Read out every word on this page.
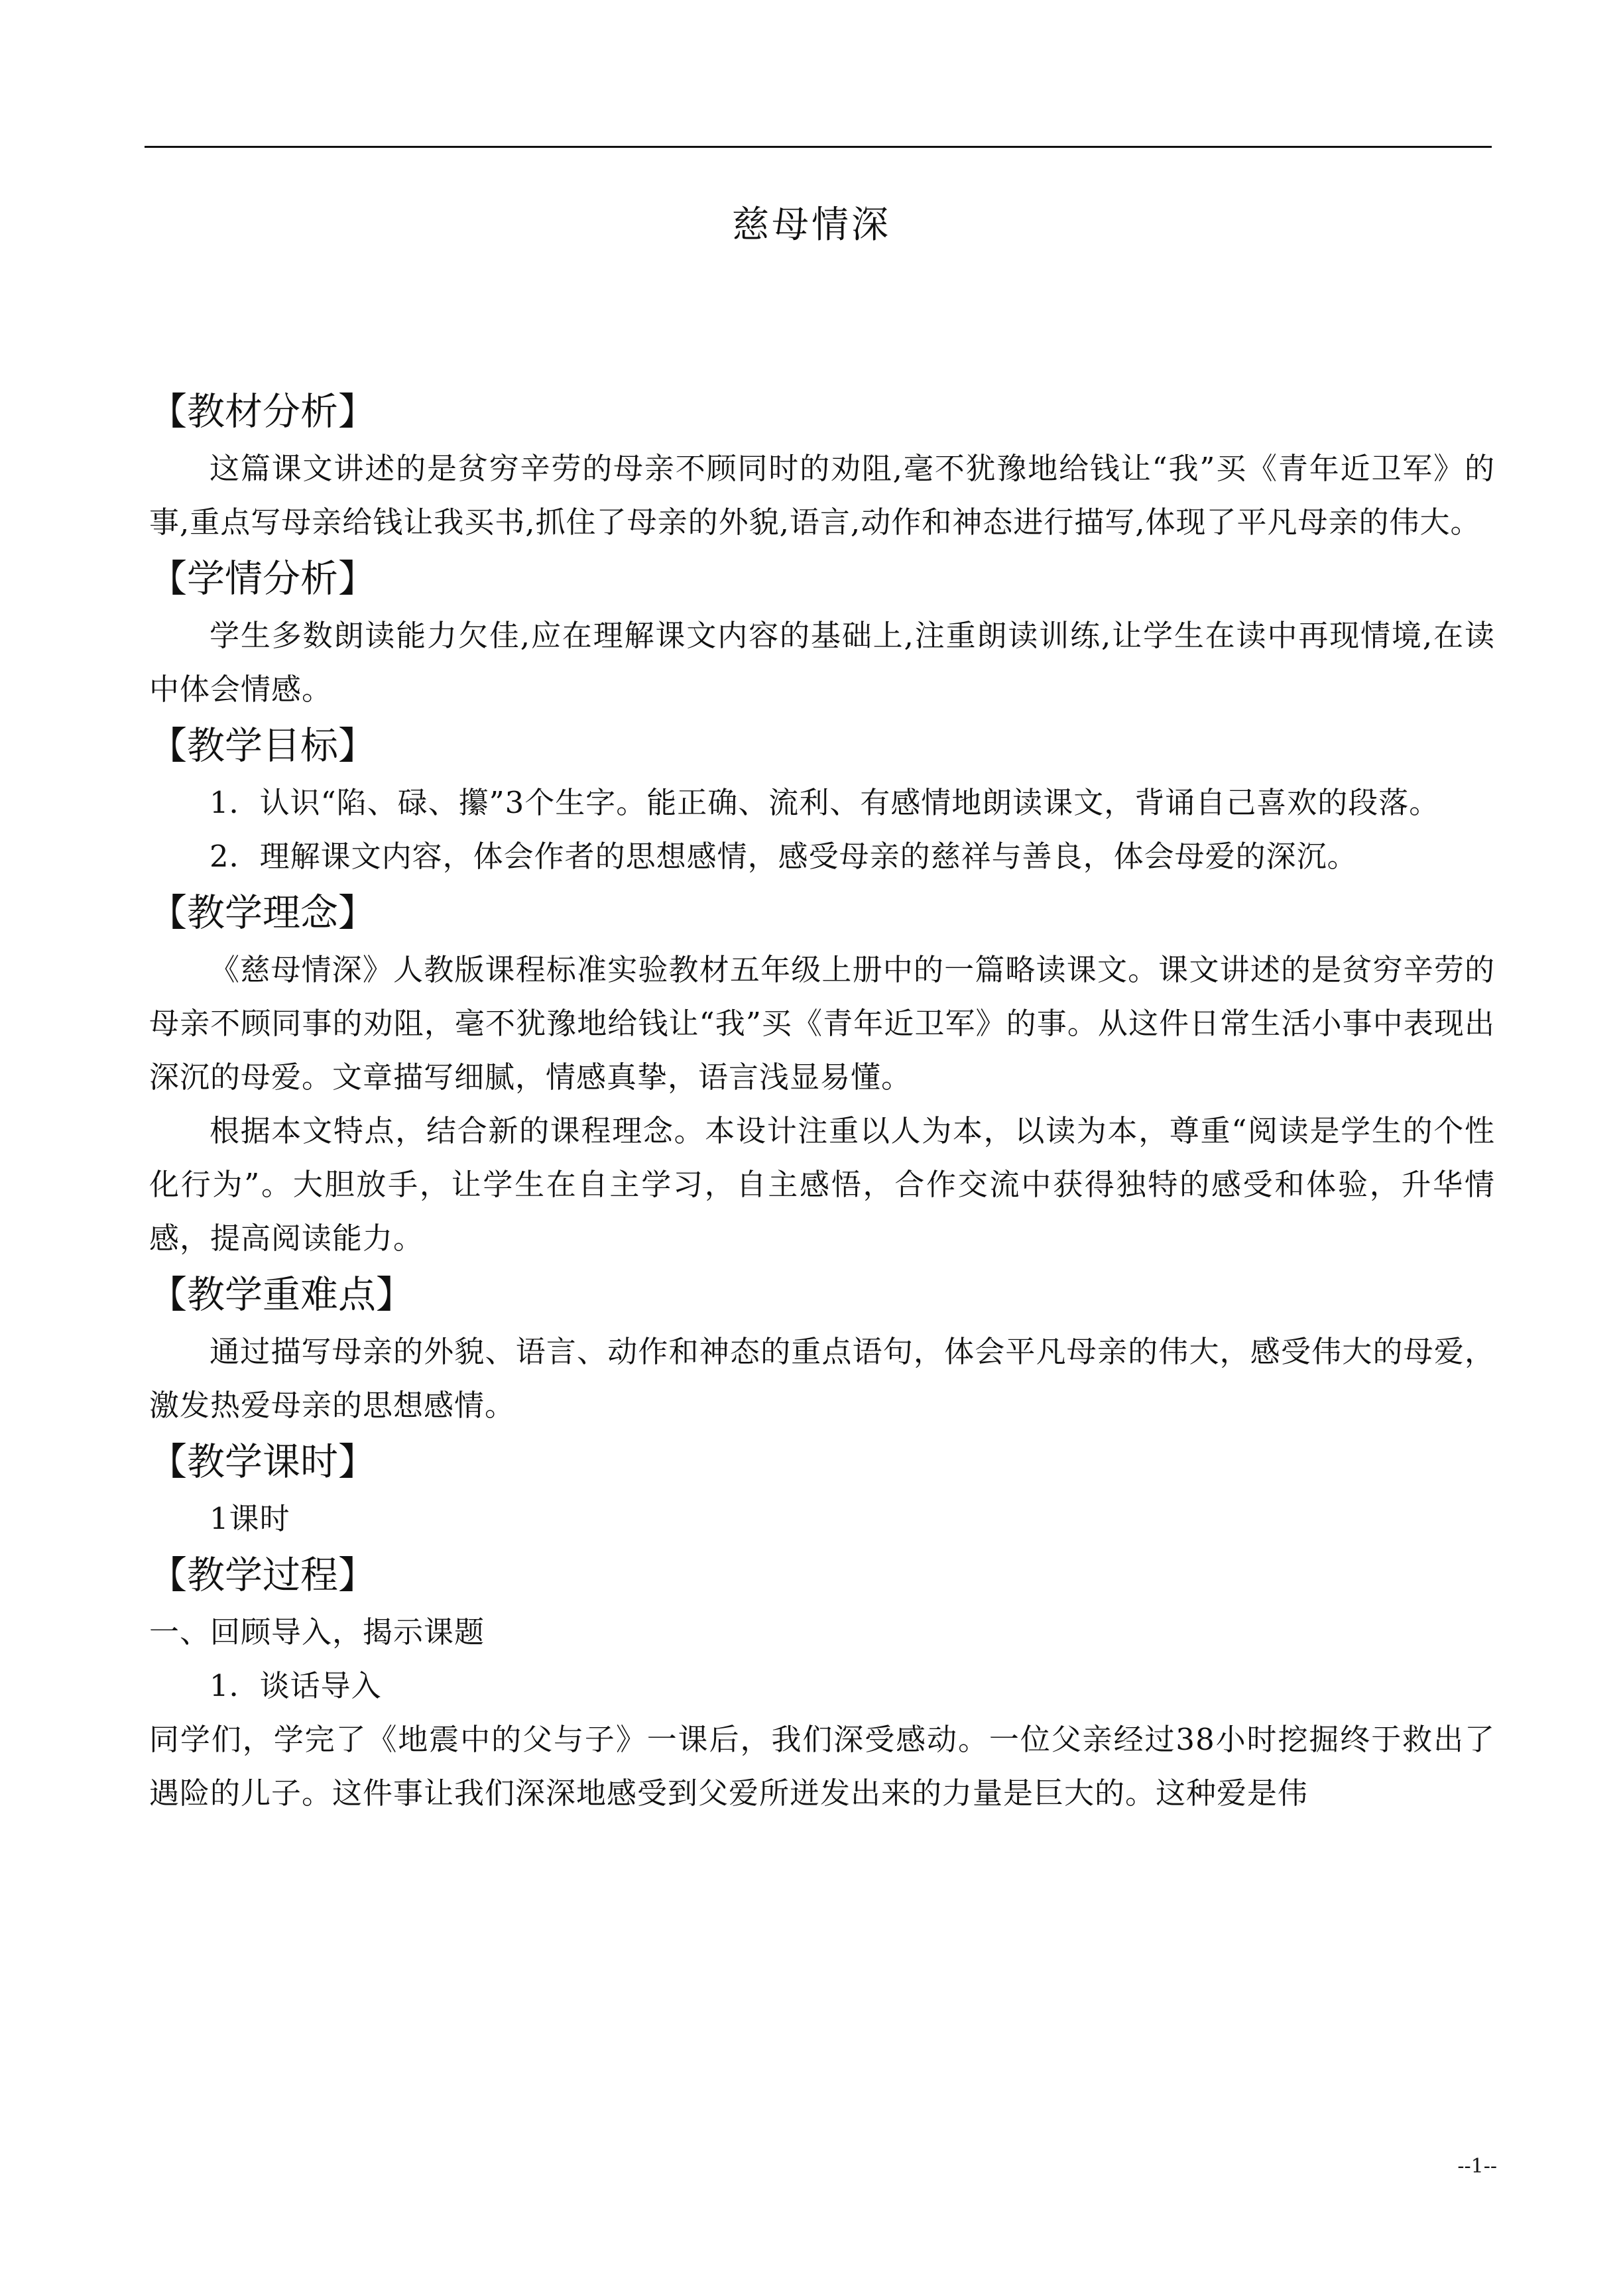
慈母情深
【教材分析】

这篇课文讲述的是贫穷辛劳的母亲不顾同时的劝阻,毫不犹豫地给钱让“我”买《青年近卫军》的事,重点写母亲给钱让我买书,抓住了母亲的外貌,语言,动作和神态进行描写,体现了平凡母亲的伟大。

【学情分析】

学生多数朗读能力欠佳,应在理解课文内容的基础上,注重朗读训练,让学生在读中再现情境,在读中体会情感。

【教学目标】

1．认识“陷、碌、攥”3个生字。能正确、流利、有感情地朗读课文，背诵自己喜欢的段落。

2．理解课文内容，体会作者的思想感情，感受母亲的慈祥与善良，体会母爱的深沉。

【教学理念】

《慈母情深》人教版课程标准实验教材五年级上册中的一篇略读课文。课文讲述的是贫穷辛劳的母亲不顾同事的劝阻，毫不犹豫地给钱让“我”买《青年近卫军》的事。从这件日常生活小事中表现出深沉的母爱。文章描写细腻，情感真挚，语言浅显易懂。

根据本文特点，结合新的课程理念。本设计注重以人为本，以读为本，尊重“阅读是学生的个性化行为”。大胆放手，让学生在自主学习，自主感悟，合作交流中获得独特的感受和体验，升华情感，提高阅读能力。

【教学重难点】

通过描写母亲的外貌、语言、动作和神态的重点语句，体会平凡母亲的伟大，感受伟大的母爱，激发热爱母亲的思想感情。

【教学课时】

1课时

【教学过程】

一、回顾导入，揭示课题

1．谈话导入

同学们，学完了《地震中的父与子》一课后，我们深受感动。一位父亲经过38小时挖掘终于救出了遇险的儿子。这件事让我们深深地感受到父爱所迸发出来的力量是巨大的。这种爱是伟

--1--
